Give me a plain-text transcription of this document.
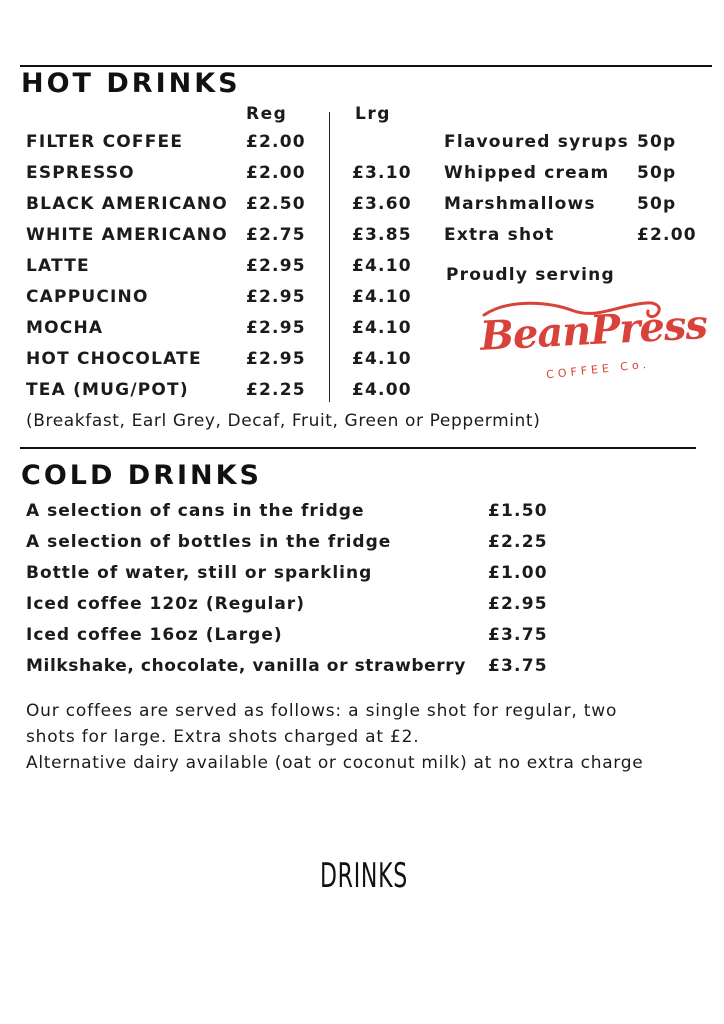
HOT DRINKS
Reg	Lrg
FILTER COFFEE	£2.00
ESPRESSO	£2.00	£3.10
BLACK AMERICANO £2.50	£3.60
WHITE AMERICANO £2.75	£3.85
LATTE	£2.95	£4.10
CAPPUCINO	£2.95	£4.10
MOCHA	£2.95	£4.10
HOT CHOCOLATE	£2.95	£4.10
TEA (MUG/POT)	£2.25	£4.00
(Breakfast, Earl Grey, Decaf, Fruit, Green or Peppermint)
Flavoured syrups 50p
Whipped cream 50p
Marshmallows 50p
Extra shot	£2.00
Proudly serving
BeanPress
COFFEE Co.
COLD DRINKS
A selection of cans in the fridge	£1.50
A selection of bottles in the fridge	£2.25
Bottle of water, still or sparkling	£1.00
Iced coffee 120z (Regular)	£2.95
Iced coffee 16oz (Large)	£3.75
Milkshake, chocolate, vanilla or strawberry £3.75
Our coffees are served as follows: a single shot for regular, two
shots for large. Extra shots charged at £2.
Alternative dairy available (oat or coconut milk) at no extra charge
DRINKS
